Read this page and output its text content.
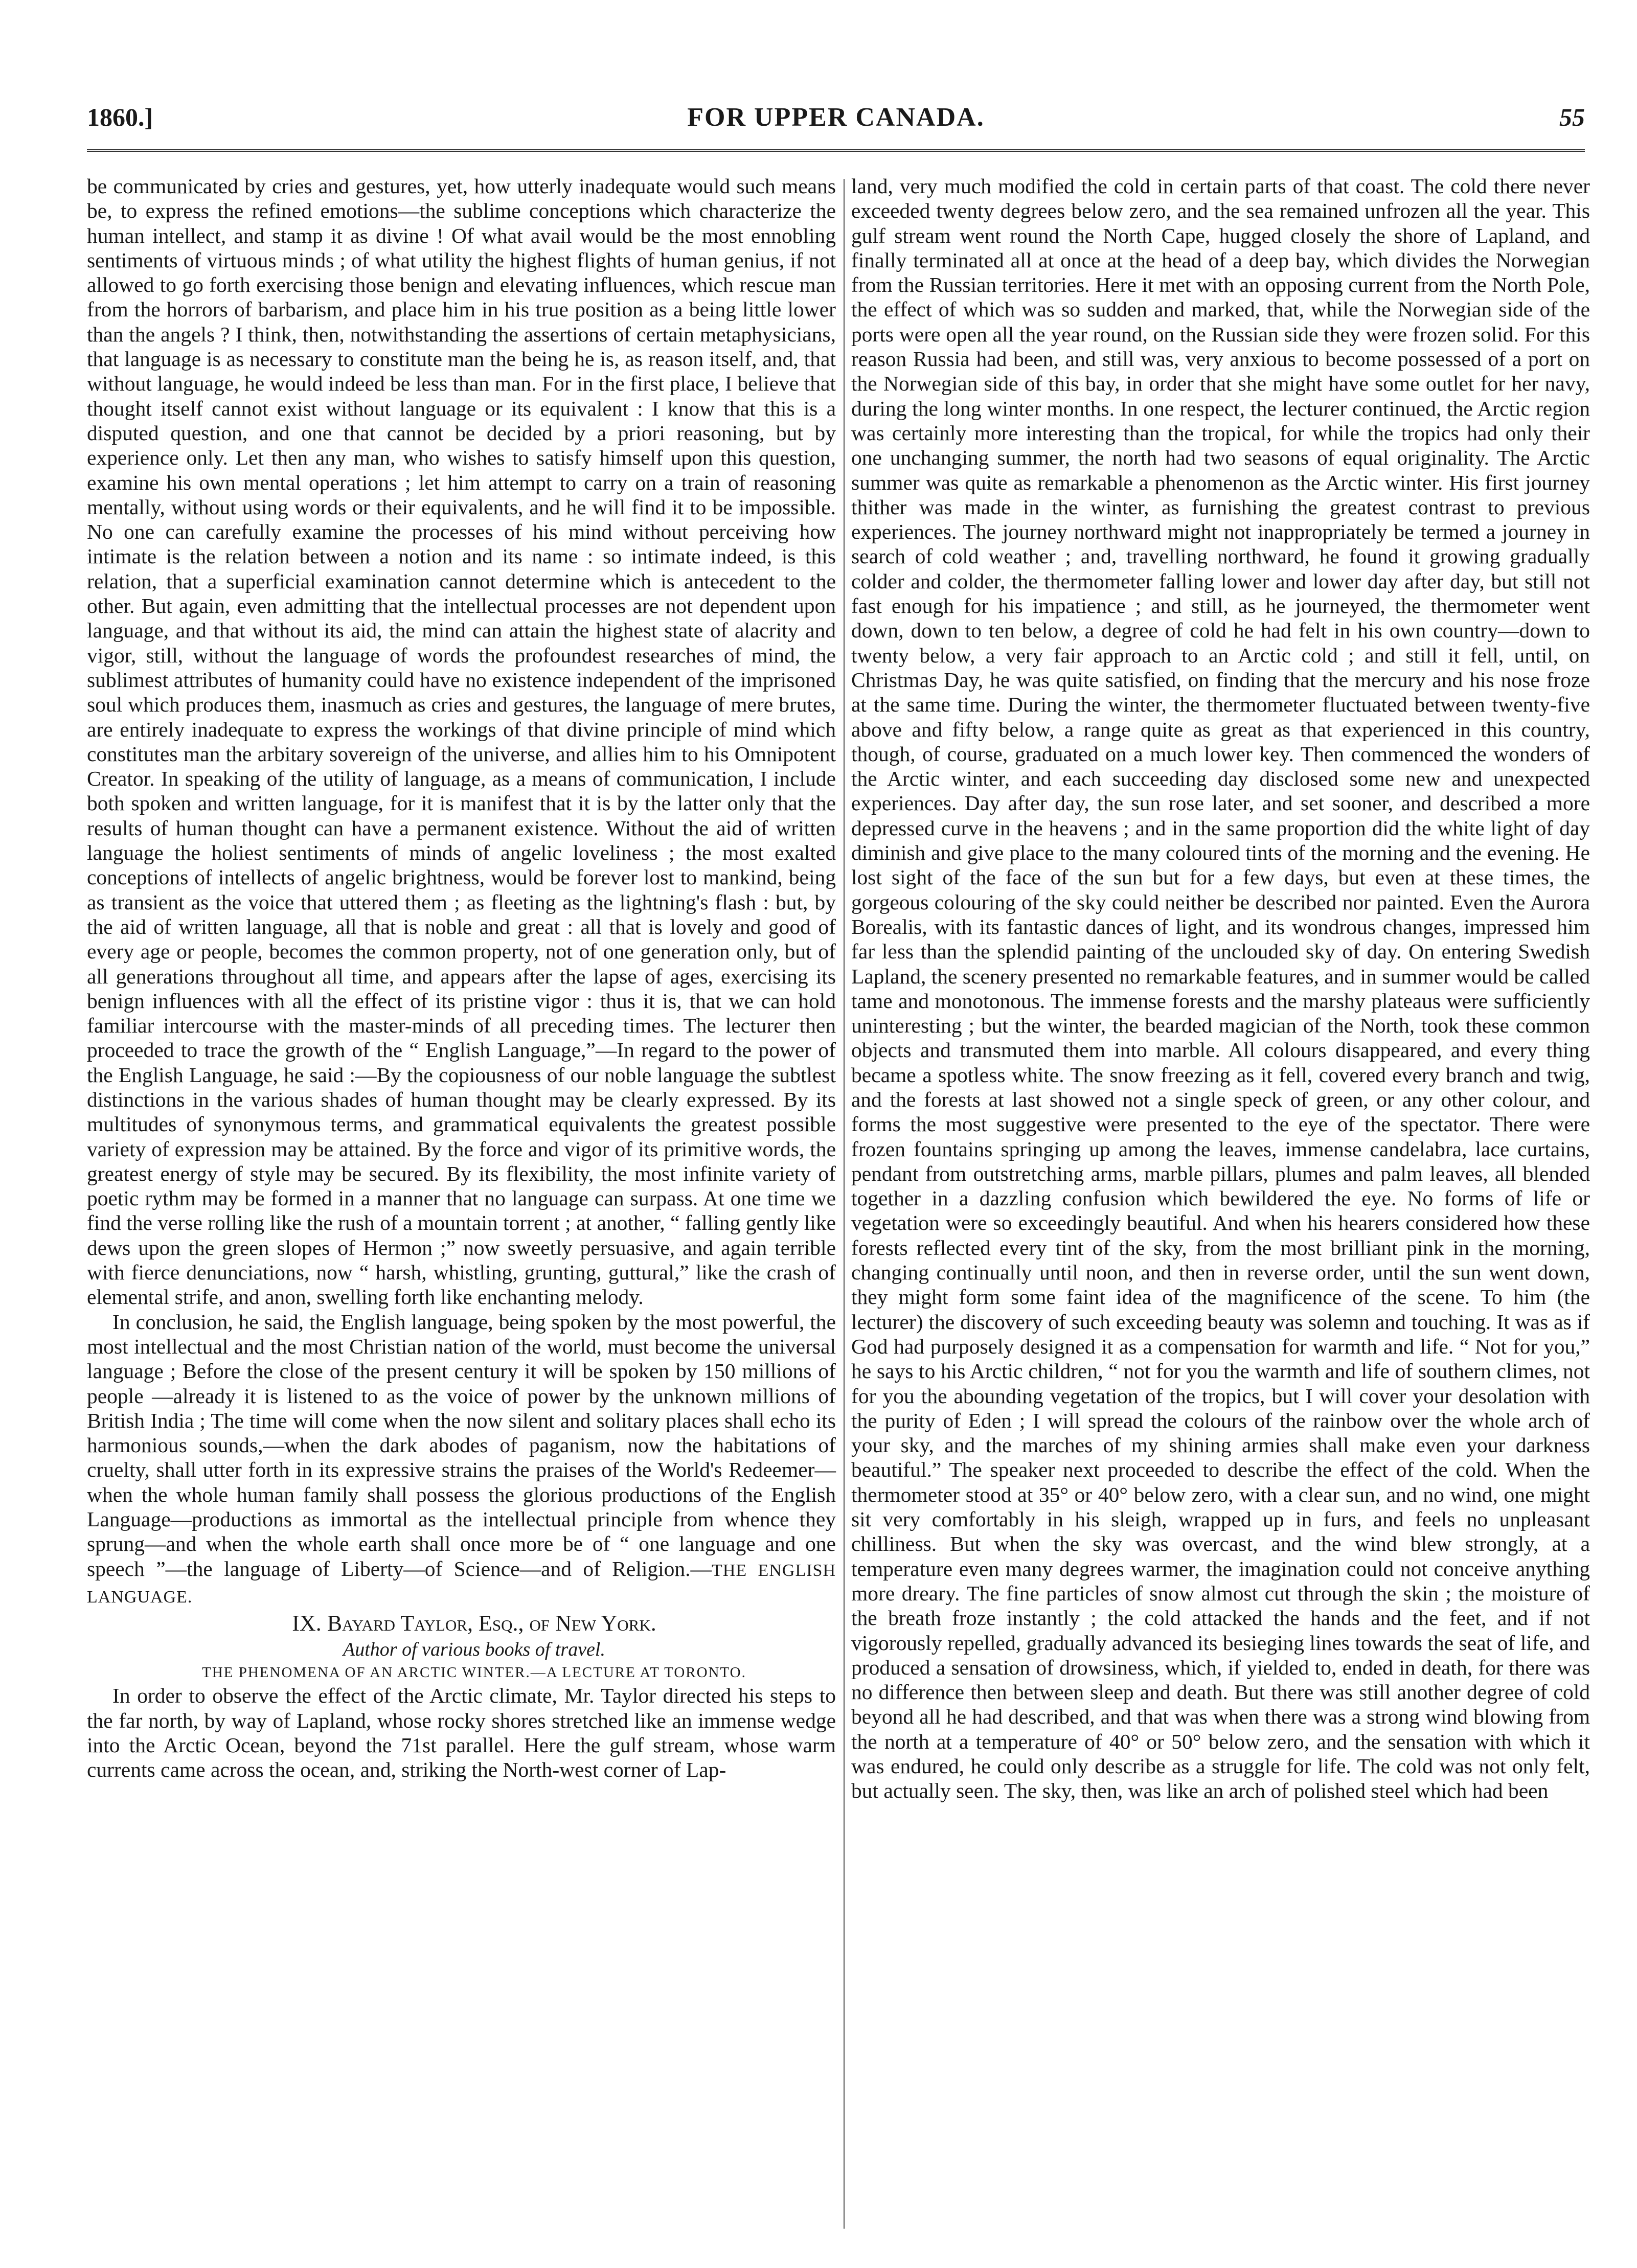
1860.]	FOR UPPER CANADA.	55

be communicated by cries and gestures, yet, how utterly inadequate would such means be, to express the refined emotions—the sublime conceptions which characterize the human intellect, and stamp it as divine ! Of what avail would be the most ennobling sentiments of virtuous minds ; of what utility the highest flights of human genius, if not allowed to go forth exercising those benign and elevating influences, which rescue man from the horrors of barbarism, and place him in his true position as a being little lower than the angels ? I think, then, notwithstanding the assertions of certain metaphysicians, that language is as necessary to constitute man the being he is, as reason itself, and, that without language, he would indeed be less than man. For in the first place, I believe that thought itself cannot exist without language or its equivalent : I know that this is a disputed question, and one that cannot be decided by a priori reasoning, but by experience only. Let then any man, who wishes to satisfy himself upon this question, examine his own mental operations ; let him attempt to carry on a train of reasoning mentally, without using words or their equivalents, and he will find it to be impossible. No one can carefully examine the processes of his mind without perceiving how intimate is the relation between a notion and its name : so intimate indeed, is this relation, that a superficial examination cannot determine which is antecedent to the other. But again, even admitting that the intellectual processes are not dependent upon language, and that without its aid, the mind can attain the highest state of alacrity and vigor, still, without the language of words the profoundest researches of mind, the sublimest attributes of humanity could have no existence independent of the imprisoned soul which produces them, inasmuch as cries and gestures, the language of mere brutes, are entirely inadequate to express the workings of that divine principle of mind which constitutes man the arbitary sovereign of the universe, and allies him to his Omnipotent Creator. In speaking of the utility of language, as a means of communication, I include both spoken and written language, for it is manifest that it is by the latter only that the results of human thought can have a permanent existence. Without the aid of written language the holiest sentiments of minds of angelic loveliness ; the most exalted conceptions of intellects of angelic brightness, would be forever lost to mankind, being as transient as the voice that uttered them ; as fleeting as the lightning's flash : but, by the aid of written language, all that is noble and great : all that is lovely and good of every age or people, becomes the common property, not of one generation only, but of all generations throughout all time, and appears after the lapse of ages, exercising its benign influences with all the effect of its pristine vigor : thus it is, that we can hold familiar intercourse with the master-minds of all preceding times. The lecturer then proceeded to trace the growth of the “ English Language,”—In regard to the power of the English Language, he said :—By the copiousness of our noble language the subtlest distinctions in the various shades of human thought may be clearly expressed. By its multitudes of synonymous terms, and grammatical equivalents the greatest possible variety of expression may be attained. By the force and vigor of its primitive words, the greatest energy of style may be secured. By its flexibility, the most infinite variety of poetic rythm may be formed in a manner that no language can surpass. At one time we find the verse rolling like the rush of a mountain torrent ; at another, “ falling gently like dews upon the green slopes of Hermon ;” now sweetly persuasive, and again terrible with fierce denunciations, now “ harsh, whistling, grunting, guttural,” like the crash of elemental strife, and anon, swelling forth like enchanting melody.

In conclusion, he said, the English language, being spoken by the most powerful, the most intellectual and the most Christian nation of the world, must become the universal language ; Before the close of the present century it will be spoken by 150 millions of people —already it is listened to as the voice of power by the unknown millions of British India ; The time will come when the now silent and solitary places shall echo its harmonious sounds,—when the dark abodes of paganism, now the habitations of cruelty, shall utter forth in its expressive strains the praises of the World's Redeemer—when the whole human family shall possess the glorious productions of the English Language—productions as immortal as the intellectual principle from whence they sprung—and when the whole earth shall once more be of “ one language and one speech ”—the language of Liberty—of Science—and of Religion.—THE ENGLISH LANGUAGE.

IX. Bayard Taylor, Esq., of New York.

Author of various books of travel.

THE PHENOMENA OF AN ARCTIC WINTER.—A LECTURE AT TORONTO.

In order to observe the effect of the Arctic climate, Mr. Taylor directed his steps to the far north, by way of Lapland, whose rocky shores stretched like an immense wedge into the Arctic Ocean, beyond the 71st parallel. Here the gulf stream, whose warm currents came across the ocean, and, striking the North-west corner of Lap-

land, very much modified the cold in certain parts of that coast. The cold there never exceeded twenty degrees below zero, and the sea remained unfrozen all the year. This gulf stream went round the North Cape, hugged closely the shore of Lapland, and finally terminated all at once at the head of a deep bay, which divides the Norwegian from the Russian territories. Here it met with an opposing current from the North Pole, the effect of which was so sudden and marked, that, while the Norwegian side of the ports were open all the year round, on the Russian side they were frozen solid. For this reason Russia had been, and still was, very anxious to become possessed of a port on the Norwegian side of this bay, in order that she might have some outlet for her navy, during the long winter months. In one respect, the lecturer continued, the Arctic region was certainly more interesting than the tropical, for while the tropics had only their one unchanging summer, the north had two seasons of equal originality. The Arctic summer was quite as remarkable a phenomenon as the Arctic winter. His first journey thither was made in the winter, as furnishing the greatest contrast to previous experiences. The journey northward might not inappropriately be termed a journey in search of cold weather ; and, travelling northward, he found it growing gradually colder and colder, the thermometer falling lower and lower day after day, but still not fast enough for his impatience ; and still, as he journeyed, the thermometer went down, down to ten below, a degree of cold he had felt in his own country—down to twenty below, a very fair approach to an Arctic cold ; and still it fell, until, on Christmas Day, he was quite satisfied, on finding that the mercury and his nose froze at the same time. During the winter, the thermometer fluctuated between twenty-five above and fifty below, a range quite as great as that experienced in this country, though, of course, graduated on a much lower key. Then commenced the wonders of the Arctic winter, and each succeeding day disclosed some new and unexpected experiences. Day after day, the sun rose later, and set sooner, and described a more depressed curve in the heavens ; and in the same proportion did the white light of day diminish and give place to the many coloured tints of the morning and the evening. He lost sight of the face of the sun but for a few days, but even at these times, the gorgeous colouring of the sky could neither be described nor painted. Even the Aurora Borealis, with its fantastic dances of light, and its wondrous changes, impressed him far less than the splendid painting of the unclouded sky of day. On entering Swedish Lapland, the scenery presented no remarkable features, and in summer would be called tame and monotonous. The immense forests and the marshy plateaus were sufficiently uninteresting ; but the winter, the bearded magician of the North, took these common objects and transmuted them into marble. All colours disappeared, and every thing became a spotless white. The snow freezing as it fell, covered every branch and twig, and the forests at last showed not a single speck of green, or any other colour, and forms the most suggestive were presented to the eye of the spectator. There were frozen fountains springing up among the leaves, immense candelabra, lace curtains, pendant from outstretching arms, marble pillars, plumes and palm leaves, all blended together in a dazzling confusion which bewildered the eye. No forms of life or vegetation were so exceedingly beautiful. And when his hearers considered how these forests reflected every tint of the sky, from the most brilliant pink in the morning, changing continually until noon, and then in reverse order, until the sun went down, they might form some faint idea of the magnificence of the scene. To him (the lecturer) the discovery of such exceeding beauty was solemn and touching. It was as if God had purposely designed it as a compensation for warmth and life. “ Not for you,” he says to his Arctic children, “ not for you the warmth and life of southern climes, not for you the abounding vegetation of the tropics, but I will cover your desolation with the purity of Eden ; I will spread the colours of the rainbow over the whole arch of your sky, and the marches of my shining armies shall make even your darkness beautiful.” The speaker next proceeded to describe the effect of the cold. When the thermometer stood at 35° or 40° below zero, with a clear sun, and no wind, one might sit very comfortably in his sleigh, wrapped up in furs, and feels no unpleasant chilliness. But when the sky was overcast, and the wind blew strongly, at a temperature even many degrees warmer, the imagination could not conceive anything more dreary. The fine particles of snow almost cut through the skin ; the moisture of the breath froze instantly ; the cold attacked the hands and the feet, and if not vigorously repelled, gradually advanced its besieging lines towards the seat of life, and produced a sensation of drowsiness, which, if yielded to, ended in death, for there was no difference then between sleep and death. But there was still another degree of cold beyond all he had described, and that was when there was a strong wind blowing from the north at a temperature of 40° or 50° below zero, and the sensation with which it was endured, he could only describe as a struggle for life. The cold was not only felt, but actually seen. The sky, then, was like an arch of polished steel which had been
